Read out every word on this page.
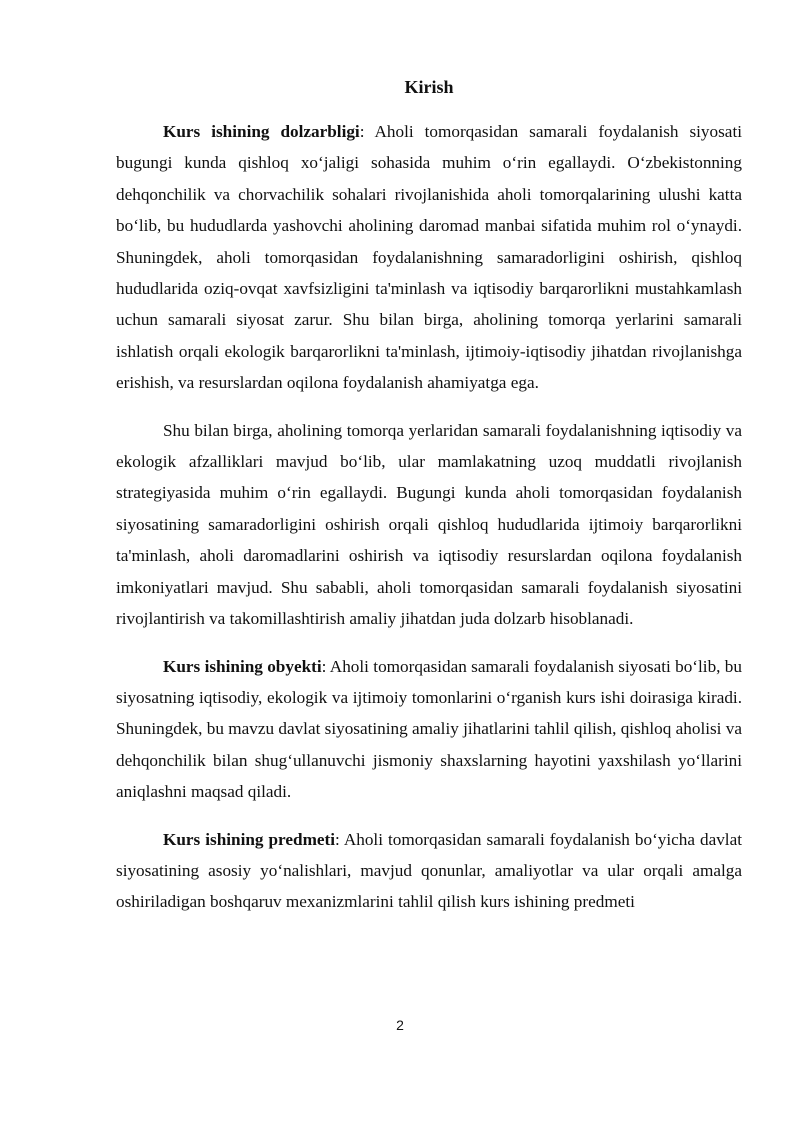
Kirish

Kurs ishining dolzarbligi: Aholi tomorqasidan samarali foydalanish siyosati bugungi kunda qishloq xo‘jaligi sohasida muhim o‘rin egallaydi. O‘zbekistonning dehqonchilik va chorvachilik sohalari rivojlanishida aholi tomorqalarining ulushi katta bo‘lib, bu hududlarda yashovchi aholining daromad manbai sifatida muhim rol o‘ynaydi. Shuningdek, aholi tomorqasidan foydalanishning samaradorligini oshirish, qishloq hududlarida oziq-ovqat xavfsizligini ta'minlash va iqtisodiy barqarorlikni mustahkamlash uchun samarali siyosat zarur. Shu bilan birga, aholining tomorqa yerlarini samarali ishlatish orqali ekologik barqarorlikni ta'minlash, ijtimoiy-iqtisodiy jihatdan rivojlanishga erishish, va resurslardan oqilona foydalanish ahamiyatga ega.

Shu bilan birga, aholining tomorqa yerlaridan samarali foydalanishning iqtisodiy va ekologik afzalliklari mavjud bo‘lib, ular mamlakatning uzoq muddatli rivojlanish strategiyasida muhim o‘rin egallaydi. Bugungi kunda aholi tomorqasidan foydalanish siyosatining samaradorligini oshirish orqali qishloq hududlarida ijtimoiy barqarorlikni ta'minlash, aholi daromadlarini oshirish va iqtisodiy resurslardan oqilona foydalanish imkoniyatlari mavjud. Shu sababli, aholi tomorqasidan samarali foydalanish siyosatini rivojlantirish va takomillashtirish amaliy jihatdan juda dolzarb hisoblanadi.

Kurs ishining obyekti: Aholi tomorqasidan samarali foydalanish siyosati bo‘lib, bu siyosatning iqtisodiy, ekologik va ijtimoiy tomonlarini o‘rganish kurs ishi doirasiga kiradi. Shuningdek, bu mavzu davlat siyosatining amaliy jihatlarini tahlil qilish, qishloq aholisi va dehqonchilik bilan shug‘ullanuvchi jismoniy shaxslarning hayotini yaxshilash yo‘llarini aniqlashni maqsad qiladi.

Kurs ishining predmeti: Aholi tomorqasidan samarali foydalanish bo‘yicha davlat siyosatining asosiy yo‘nalishlari, mavjud qonunlar, amaliyotlar va ular orqali amalga oshiriladigan boshqaruv mexanizmlarini tahlil qilish kurs ishining predmeti

2
